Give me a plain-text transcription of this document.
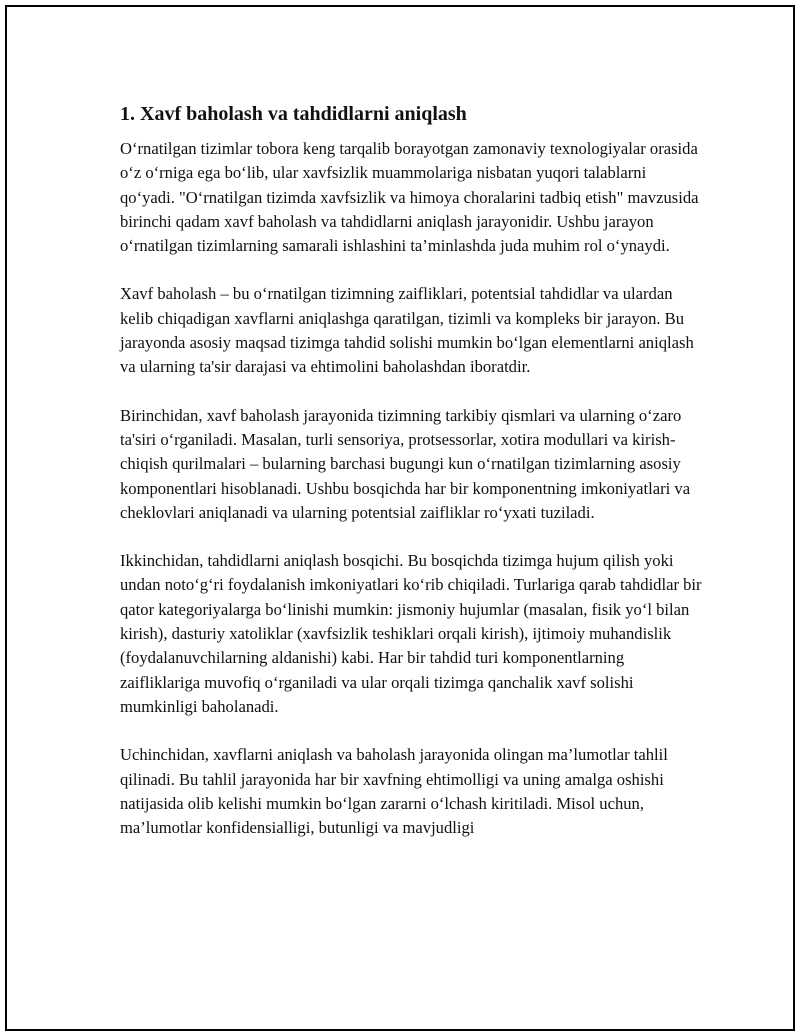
1. Xavf baholash va tahdidlarni aniqlash

O‘rnatilgan tizimlar tobora keng tarqalib borayotgan zamonaviy texnologiyalar orasida o‘z o‘rniga ega bo‘lib, ular xavfsizlik muammolariga nisbatan yuqori talablarni qo‘yadi. "O‘rnatilgan tizimda xavfsizlik va himoya choralarini tadbiq etish" mavzusida birinchi qadam xavf baholash va tahdidlarni aniqlash jarayonidir. Ushbu jarayon o‘rnatilgan tizimlarning samarali ishlashini ta’minlashda juda muhim rol o‘ynaydi.

Xavf baholash – bu o‘rnatilgan tizimning zaifliklari, potentsial tahdidlar va ulardan kelib chiqadigan xavflarni aniqlashga qaratilgan, tizimli va kompleks bir jarayon. Bu jarayonda asosiy maqsad tizimga tahdid solishi mumkin bo‘lgan elementlarni aniqlash va ularning ta'sir darajasi va ehtimolini baholashdan iboratdir.

Birinchidan, xavf baholash jarayonida tizimning tarkibiy qismlari va ularning o‘zaro ta'siri o‘rganiladi. Masalan, turli sensoriya, protsessorlar, xotira modullari va kirish-chiqish qurilmalari – bularning barchasi bugungi kun o‘rnatilgan tizimlarning asosiy komponentlari hisoblanadi. Ushbu bosqichda har bir komponentning imkoniyatlari va cheklovlari aniqlanadi va ularning potentsial zaifliklar ro‘yxati tuziladi.

Ikkinchidan, tahdidlarni aniqlash bosqichi. Bu bosqichda tizimga hujum qilish yoki undan noto‘g‘ri foydalanish imkoniyatlari ko‘rib chiqiladi. Turlariga qarab tahdidlar bir qator kategoriyalarga bo‘linishi mumkin: jismoniy hujumlar (masalan, fisik yo‘l bilan kirish), dasturiy xatoliklar (xavfsizlik teshiklari orqali kirish), ijtimoiy muhandislik (foydalanuvchilarning aldanishi) kabi. Har bir tahdid turi komponentlarning zaifliklariga muvofiq o‘rganiladi va ular orqali tizimga qanchalik xavf solishi mumkinligi baholanadi.

Uchinchidan, xavflarni aniqlash va baholash jarayonida olingan ma’lumotlar tahlil qilinadi. Bu tahlil jarayonida har bir xavfning ehtimolligi va uning amalga oshishi natijasida olib kelishi mumkin bo‘lgan zararni o‘lchash kiritiladi. Misol uchun, ma’lumotlar konfidensialligi, butunligi va mavjudligi
